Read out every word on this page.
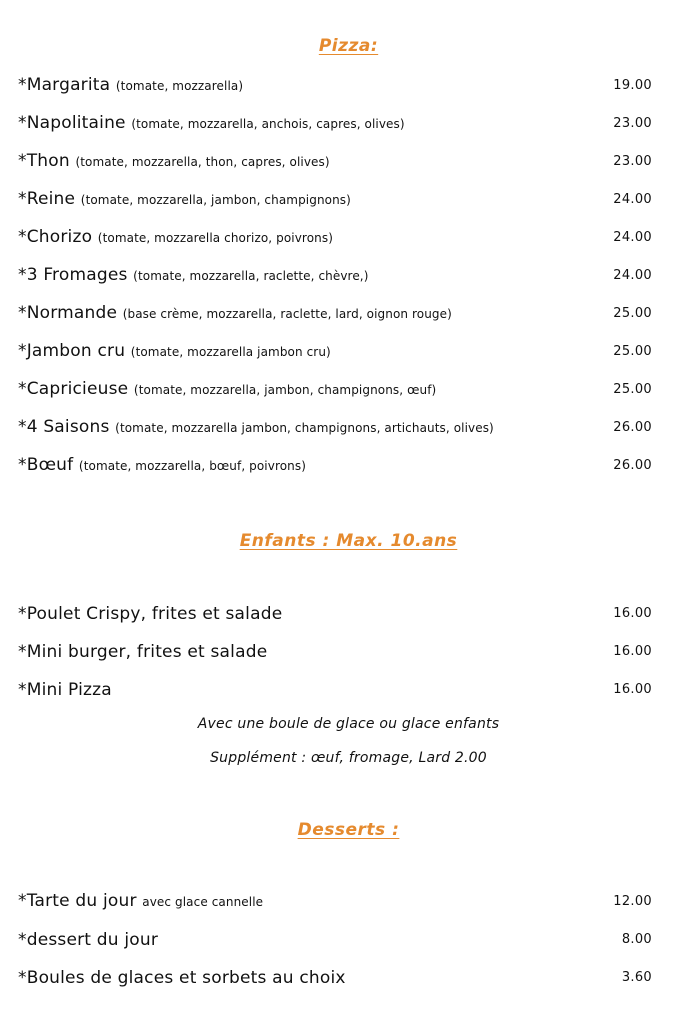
Pizza:
*Margarita (tomate, mozzarella)	19.00
*Napolitaine (tomate, mozzarella, anchois, capres, olives)	23.00
*Thon (tomate, mozzarella, thon, capres, olives)	23.00
*Reine (tomate, mozzarella, jambon, champignons)	24.00
*Chorizo (tomate, mozzarella chorizo, poivrons)	24.00
*3 Fromages (tomate, mozzarella, raclette, chèvre,)	24.00
*Normande (base crème, mozzarella, raclette, lard, oignon rouge)	25.00
*Jambon cru (tomate, mozzarella jambon cru)	25.00
*Capricieuse (tomate, mozzarella, jambon, champignons, œuf)	25.00
*4 Saisons (tomate, mozzarella jambon, champignons, artichauts, olives)	26.00
*Bœuf (tomate, mozzarella, bœuf, poivrons)	26.00
Enfants : Max. 10.ans
*Poulet Crispy, frites et salade	16.00
*Mini burger, frites et salade	16.00
*Mini Pizza	16.00
Avec une boule de glace ou glace enfants
Supplément : œuf, fromage, Lard 2.00
Desserts :
*Tarte du jour avec glace cannelle	12.00
*dessert du jour	8.00
*Boules de glaces et sorbets au choix	3.60
